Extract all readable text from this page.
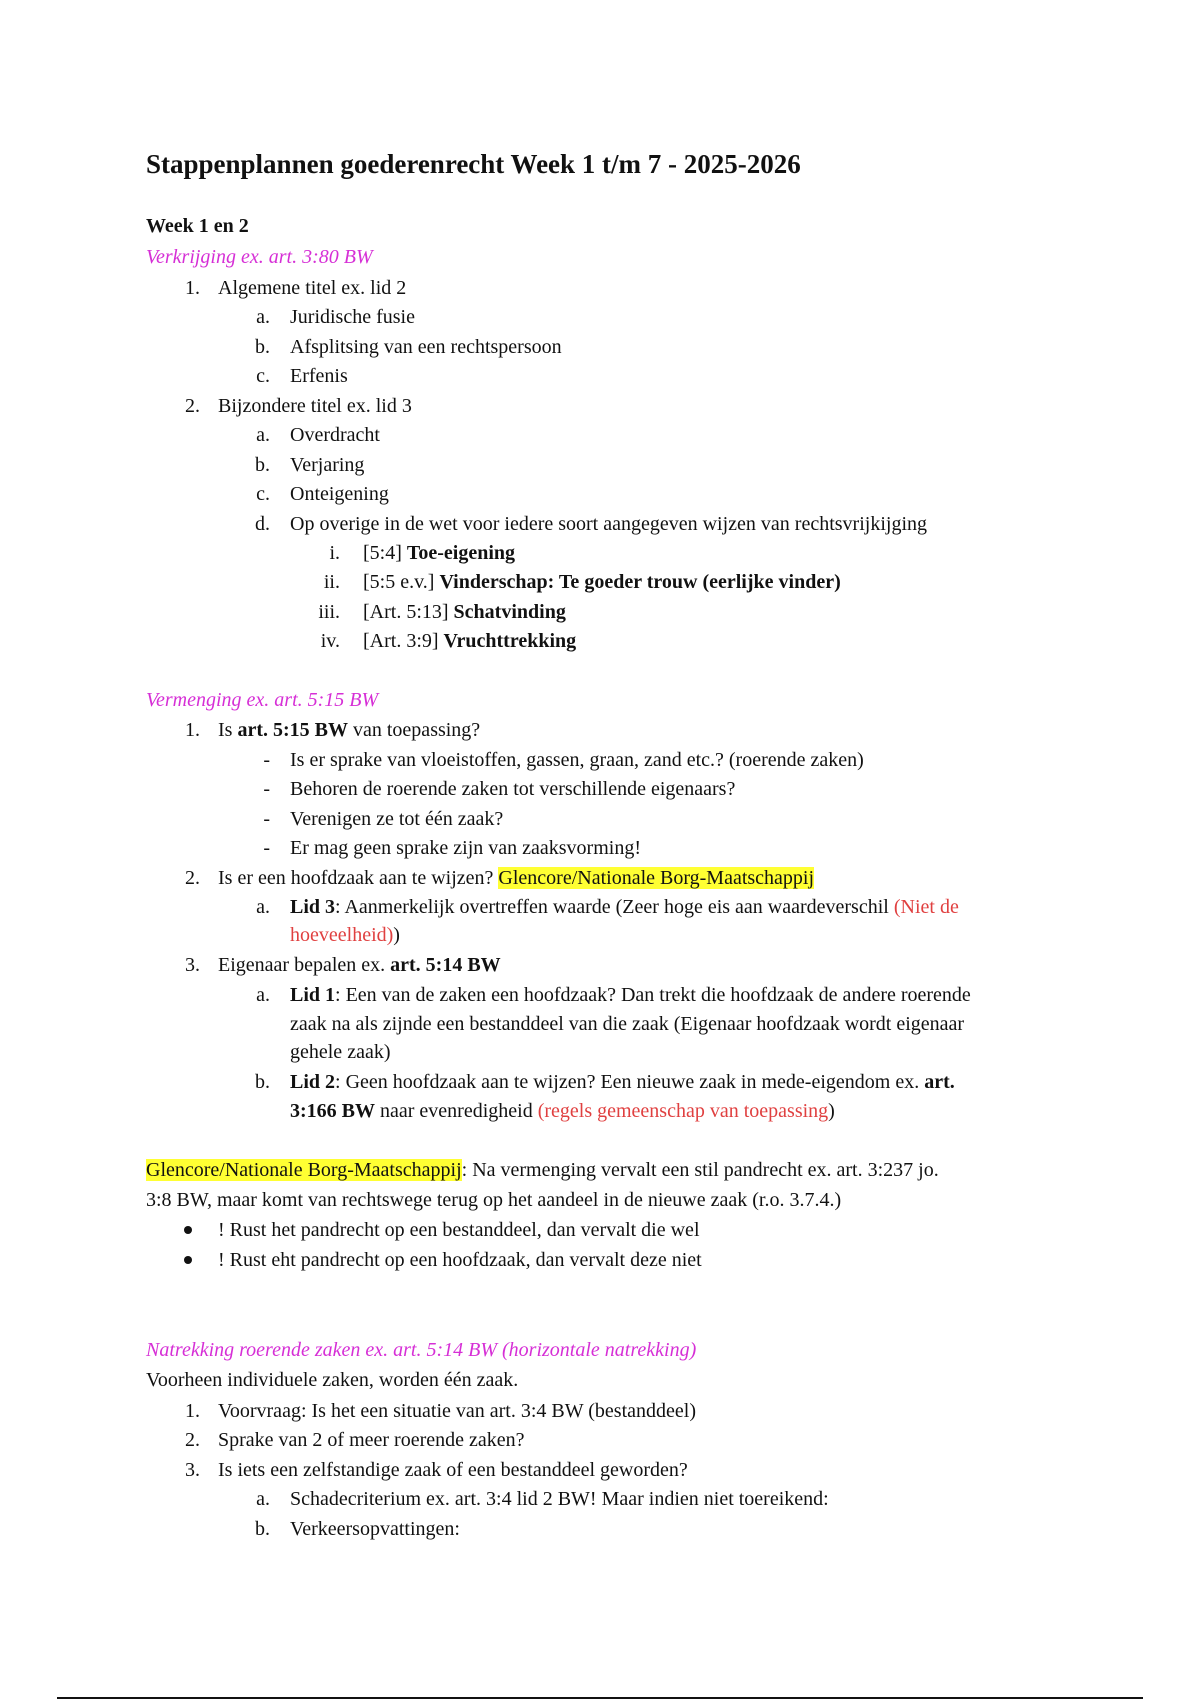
Stappenplannen goederenrecht Week 1 t/m 7 - 2025-2026
Week 1 en 2
Verkrijging ex. art. 3:80 BW
1. Algemene titel ex. lid 2
a. Juridische fusie
b. Afsplitsing van een rechtspersoon
c. Erfenis
2. Bijzondere titel ex. lid 3
a. Overdracht
b. Verjaring
c. Onteigening
d. Op overige in de wet voor iedere soort aangegeven wijzen van rechtsvrijkijging
i. [5:4] Toe-eigening
ii. [5:5 e.v.] Vinderschap: Te goeder trouw (eerlijke vinder)
iii. [Art. 5:13] Schatvinding
iv. [Art. 3:9] Vruchttrekking
Vermenging ex. art. 5:15 BW
1. Is art. 5:15 BW van toepassing?
- Is er sprake van vloeistoffen, gassen, graan, zand etc.? (roerende zaken)
- Behoren de roerende zaken tot verschillende eigenaars?
- Verenigen ze tot één zaak?
- Er mag geen sprake zijn van zaaksvorming!
2. Is er een hoofdzaak aan te wijzen? Glencore/Nationale Borg-Maatschappij
a. Lid 3: Aanmerkelijk overtreffen waarde (Zeer hoge eis aan waardeverschil (Niet de
hoeveelheid))
3. Eigenaar bepalen ex. art. 5:14 BW
a. Lid 1: Een van de zaken een hoofdzaak? Dan trekt die hoofdzaak de andere roerende
zaak na als zijnde een bestanddeel van die zaak (Eigenaar hoofdzaak wordt eigenaar
gehele zaak)
b. Lid 2: Geen hoofdzaak aan te wijzen? Een nieuwe zaak in mede-eigendom ex. art.
3:166 BW naar evenredigheid (regels gemeenschap van toepassing)
Glencore/Nationale Borg-Maatschappij: Na vermenging vervalt een stil pandrecht ex. art. 3:237 jo.
3:8 BW, maar komt van rechtswege terug op het aandeel in de nieuwe zaak (r.o. 3.7.4.)
! Rust het pandrecht op een bestanddeel, dan vervalt die wel
! Rust eht pandrecht op een hoofdzaak, dan vervalt deze niet
Natrekking roerende zaken ex. art. 5:14 BW (horizontale natrekking)
Voorheen individuele zaken, worden één zaak.
1. Voorvraag: Is het een situatie van art. 3:4 BW (bestanddeel)
2. Sprake van 2 of meer roerende zaken?
3. Is iets een zelfstandige zaak of een bestanddeel geworden?
a. Schadecriterium ex. art. 3:4 lid 2 BW! Maar indien niet toereikend:
b. Verkeersopvattingen:
